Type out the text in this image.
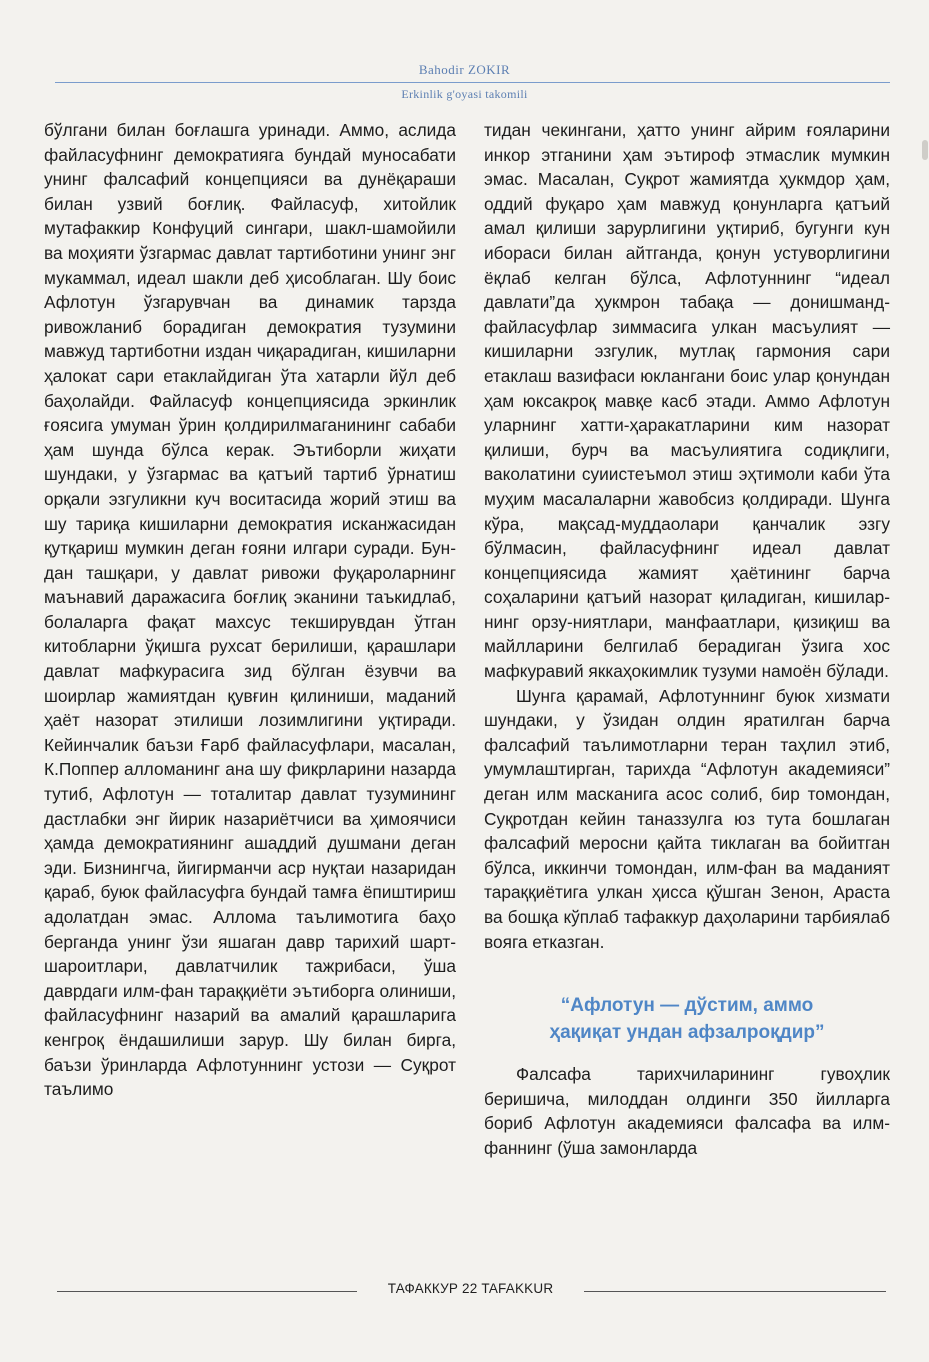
Bahodir ZOKIR
Erkinlik g'oyasi takomili

бўлгани билан боғлашга уринади. Аммо, аслида файласуфнинг демократияга бундай муносабати унинг фалсафий концепцияси ва дунёқараши билан узвий боғлиқ. Файласуф, хитойлик мутафаккир Конфуций сингари, шакл-шамойили ва моҳияти ўзгармас давлат тартиботини унинг энг мукаммал, идеал шакли деб ҳисоблаган. Шу боис Афлотун ўзгарувчан ва динамик тарзда ривожланиб борадиган демократия тузумини мавжуд тартиботни издан чиқарадиган, кишиларни ҳалокат сари етаклайдиган ўта хатарли йўл деб баҳолайди. Файласуф концепциясида эркинлик ғоясига умуман ўрин қолдирилмаганининг сабаби ҳам шунда бўлса керак. Эътиборли жиҳати шундаки, у ўзгармас ва қатъий тартиб ўрнатиш орқали эзгуликни куч воситасида жорий этиш ва шу тариқа кишиларни демократия исканжасидан қутқариш мумкин деган ғояни илгари суради. Бундан ташқари, у давлат ривожи фуқароларнинг маънавий даражасига боғлиқ эканини таъкидлаб, болаларга фақат махсус текширувдан ўтган китобларни ўқишга рухсат берилиши, қарашлари давлат мафкурасига зид бўлган ёзувчи ва шоирлар жамиятдан қувғин қилиниши, маданий ҳаёт назорат этилиши лозимлигини уқтиради. Кейинчалик баъзи Ғарб файласуфлари, масалан, К.Поппер алломанинг ана шу фикрларини назарда тутиб, Афлотун — тоталитар давлат тузумининг дастлабки энг йирик назариётчиси ва ҳимоячиси ҳамда демократиянинг ашаддий душмани деган эди. Бизнингча, йигирманчи аср нуқтаи назаридан қараб, буюк файласуфга бундай тамға ёпиштириш адолатдан эмас. Аллома таълимотига баҳо берганда унинг ўзи яшаган давр тарихий шарт-шароитлари, давлатчилик тажрибаси, ўша даврдаги илм-фан тараққиёти эътиборга олиниши, файласуфнинг назарий ва амалий қарашларига кенгроқ ёндашилиши зарур. Шу билан бирга, баъзи ўринларда Афлотуннинг устози — Суқрот таълимо

тидан чекингани, ҳатто унинг айрим ғояларини инкор этганини ҳам эътироф этмаслик мумкин эмас. Масалан, Суқрот жамиятда ҳукмдор ҳам, оддий фуқаро ҳам мавжуд қонунларга қатъий амал қилиши зарурлигини уқтириб, бугунги кун ибораси билан айтганда, қонун устуворлигини ёқлаб келган бўлса, Афлотуннинг “идеал давлати”да ҳукмрон табақа — донишманд-файласуфлар зиммасига улкан масъулият — кишиларни эзгулик, мутлақ гармония сари етаклаш вазифаси юклангани боис улар қонундан ҳам юксакроқ мавқе касб этади. Аммо Афлотун уларнинг хатти-ҳаракатларини ким назорат қилиши, бурч ва масъулиятига содиқлиги, ваколатини суиистеъмол этиш эҳтимоли каби ўта муҳим масалаларни жавобсиз қолдиради. Шунга кўра, мақсад-муддаолари қанчалик эзгу бўлмасин, файласуфнинг идеал давлат концепциясида жамият ҳаётининг барча соҳаларини қатъий назорат қиладиган, кишиларнинг орзу-ниятлари, манфаатлари, қизиқиш ва майлларини белгилаб берадиган ўзига хос мафкуравий яккаҳокимлик тузуми намоён бўлади.

Шунга қарамай, Афлотуннинг буюк хизмати шундаки, у ўзидан олдин яратилган барча фалсафий таълимотларни теран таҳлил этиб, умумлаштирган, тарихда “Афлотун академияси” деган илм масканига асос солиб, бир томондан, Суқротдан кейин таназзулга юз тута бошлаган фалсафий меросни қайта тиклаган ва бойитган бўлса, иккинчи томондан, илм-фан ва маданият тараққиётига улкан ҳисса қўшган Зенон, Араста ва бошқа кўплаб тафаккур даҳоларини тарбиялаб вояга етказган.

“Афлотун — дўстим, аммо
ҳақиқат ундан афзалроқдир”

Фалсафа тарихчиларининг гувоҳлик беришича, милоддан олдинги 350 йилларга бориб Афлотун академияси фалсафа ва илм-фаннинг (ўша замонларда

ТАФАККУР 22 TAFAKKUR
